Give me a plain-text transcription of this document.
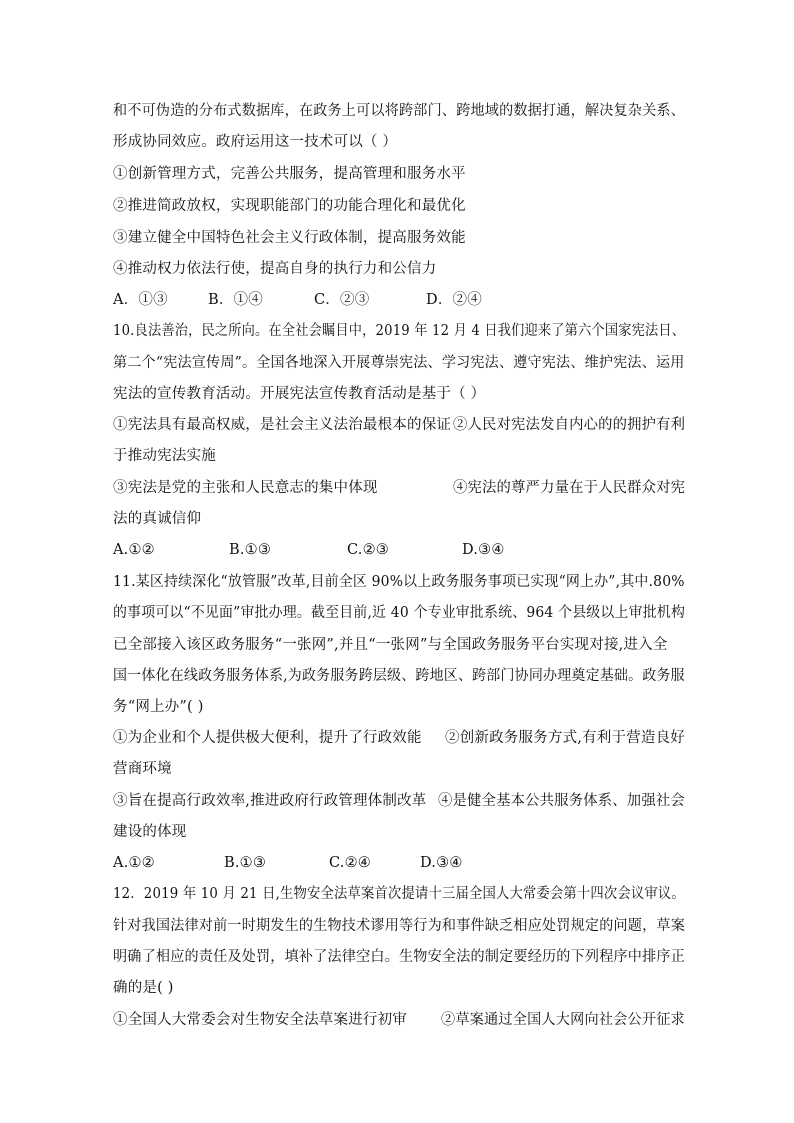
和不可伪造的分布式数据库，在政务上可以将跨部门、跨地域的数据打通，解决复杂关系、
形成协同效应。政府运用这一技术可以（ ）
①创新管理方式，完善公共服务，提高管理和服务水平
②推进简政放权，实现职能部门的功能合理化和最优化
③建立健全中国特色社会主义行政体制，提高服务效能
④推动权力依法行使，提高自身的执行力和公信力
A．①③	B．①④	C．②③	D．②④
10.良法善治，民之所向。在全社会瞩目中，2019 年 12 月 4 日我们迎来了第六个国家宪法日、
第二个“宪法宣传周”。全国各地深入开展尊崇宪法、学习宪法、遵守宪法、维护宪法、运用
宪法的宣传教育活动。开展宪法宣传教育活动是基于（ ）
①宪法具有最高权威，是社会主义法治最根本的保证 ②人民对宪法发自内心的的拥护有利
于推动宪法实施
③宪法是党的主张和人民意志的集中体现	④宪法的尊严力量在于人民群众对宪
法的真诚信仰
A.①②	B.①③	C.②③	D.③④
11.某区持续深化“放管服”改革,目前全区 90%以上政务服务事项已实现“网上办”,其中.80%
的事项可以“不见面”审批办理。截至目前,近 40 个专业审批系统、964 个县级以上审批机构
已全部接入该区政务服务“一张网”,并且“一张网”与全国政务服务平台实现对接,进入全
国一体化在线政务服务体系,为政务服务跨层级、跨地区、跨部门协同办理奠定基础。政务服
务“网上办”( )
①为企业和个人提供极大便利，提升了行政效能 ②创新政务服务方式,有利于营造良好
营商环境
③旨在提高行政效率,推进政府行政管理体制改革 ④是健全基本公共服务体系、加强社会
建设的体现
A.①②	B.①③	C.②④	D.③④
12．2019 年 10 月 21 日,生物安全法草案首次提请十三届全国人大常委会第十四次会议审议。
针对我国法律对前一时期发生的生物技术谬用等行为和事件缺乏相应处罚规定的问题，草案
明确了相应的责任及处罚，填补了法律空白。生物安全法的制定要经历的下列程序中排序正
确的是( )
①全国人大常委会对生物安全法草案进行初审 ②草案通过全国人大网向社会公开征求
